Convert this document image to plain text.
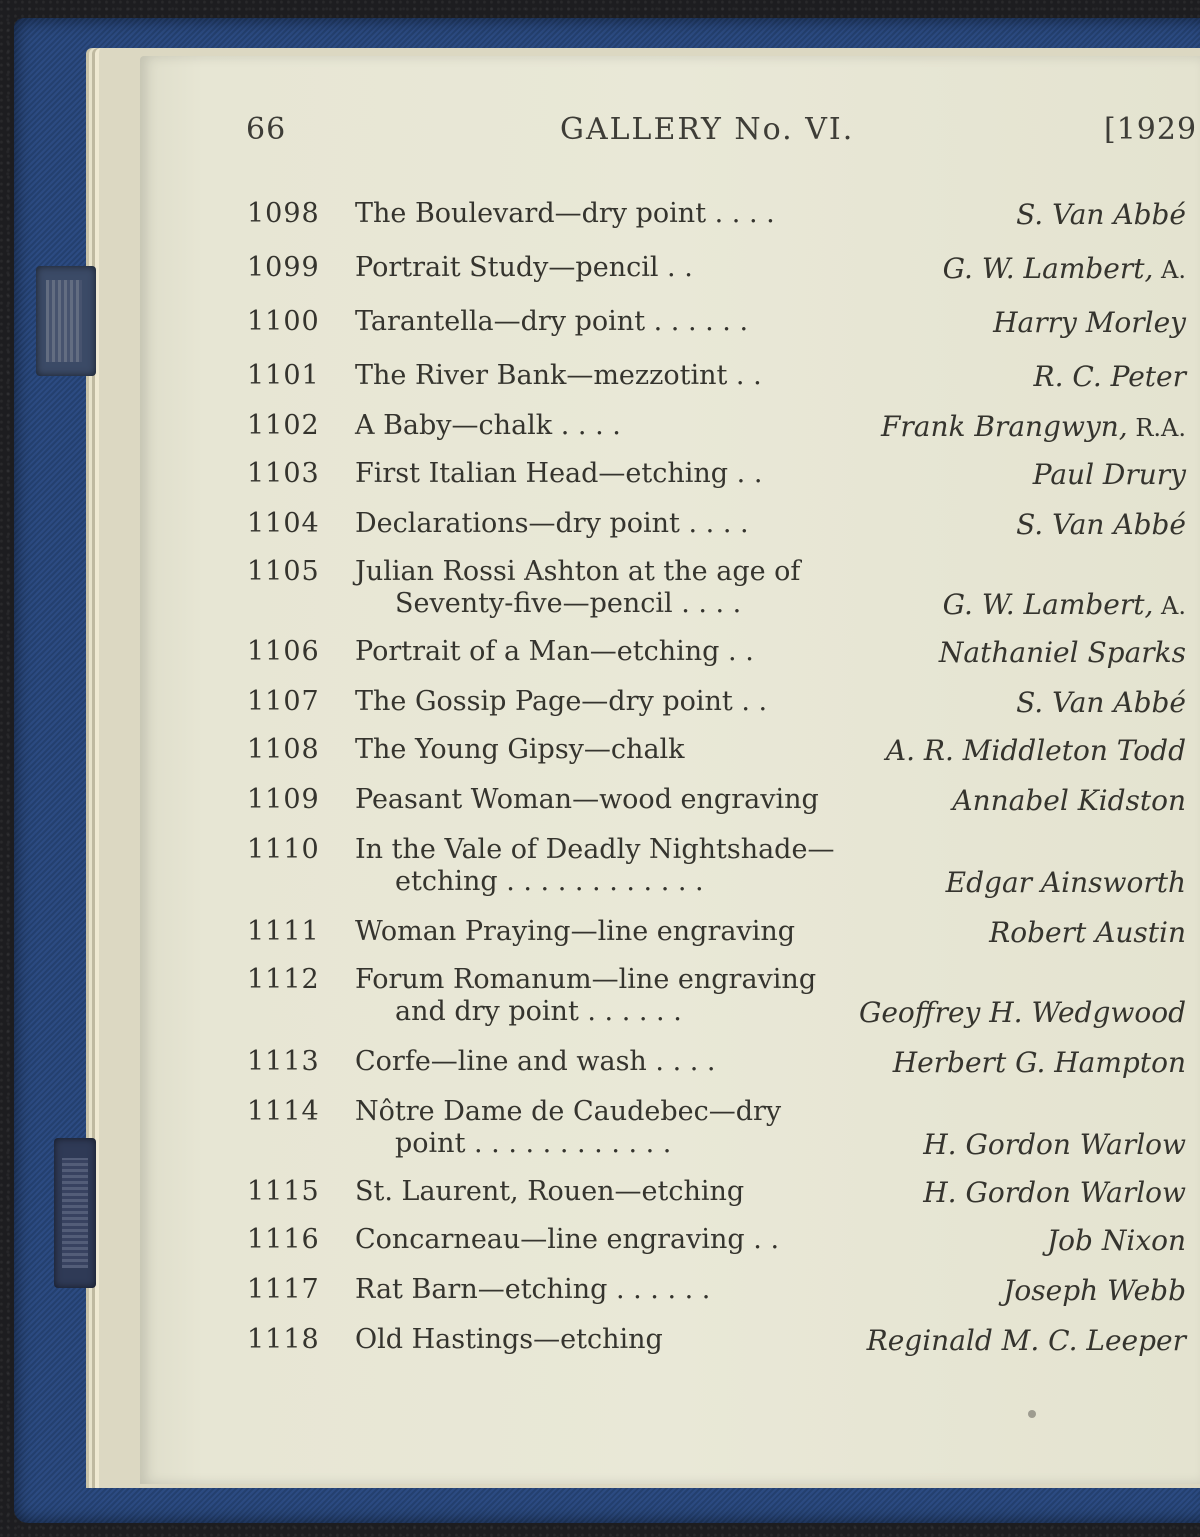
66	GALLERY No. VI.	[1929
1098 The Boulevard—dry point . . . .	S. Van Abbé
1099 Portrait Study—pencil . .	G. W. Lambert, A.
1100 Tarantella—dry point . . . . . .	Harry Morley
1101 The River Bank—mezzotint . .	R. C. Peter
1102 A Baby—chalk . . . .	Frank Brangwyn, R.A.
1103 First Italian Head—etching . .	Paul Drury
1104 Declarations—dry point . . . .	S. Van Abbé
1105 Julian Rossi Ashton at the age of
Seventy-five—pencil . . . .	G. W. Lambert, A.
1106 Portrait of a Man—etching . .	Nathaniel Sparks
1107 The Gossip Page—dry point . .	S. Van Abbé
1108 The Young Gipsy—chalk	A. R. Middleton Todd
1109 Peasant Woman—wood engraving	Annabel Kidston
1110 In the Vale of Deadly Nightshade—
etching . . . . . . . . . . . .	Edgar Ainsworth
1111 Woman Praying—line engraving	Robert Austin
1112 Forum Romanum—line engraving
and dry point . . . . . .	Geoffrey H. Wedgwood
1113 Corfe—line and wash . . . .	Herbert G. Hampton
1114 Nôtre Dame de Caudebec—dry
point . . . . . . . . . . . .	H. Gordon Warlow
1115 St. Laurent, Rouen—etching	H. Gordon Warlow
1116 Concarneau—line engraving . .	Job Nixon
1117 Rat Barn—etching . . . . . .	Joseph Webb
1118 Old Hastings—etching	Reginald M. C. Leeper
